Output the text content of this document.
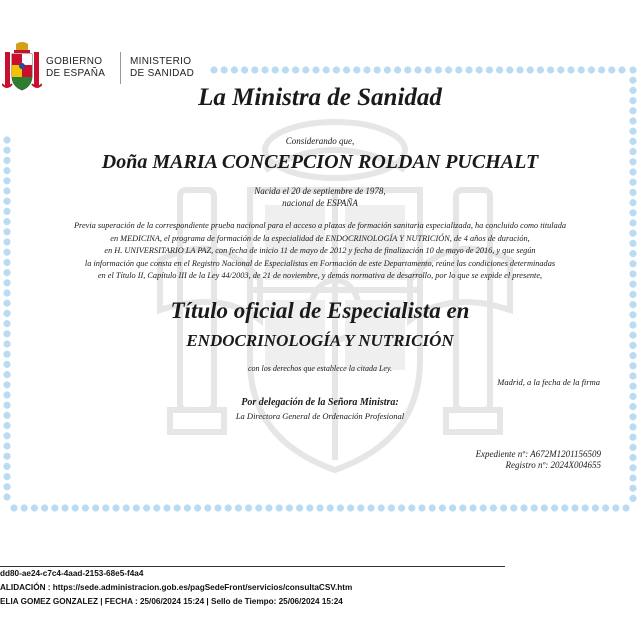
GOBIERNO
DE ESPAÑA
MINISTERIO
DE SANIDAD
La Ministra de Sanidad
Considerando que,
Doña MARIA CONCEPCION ROLDAN PUCHALT
Nacida el 20 de septiembre de 1978,
nacional de ESPAÑA
Previa superación de la correspondiente prueba nacional para el acceso a plazas de formación sanitaria especializada, ha concluido como titulada
en MEDICINA, el programa de formación de la especialidad de ENDOCRINOLOGÍA Y NUTRICIÓN, de 4 años de duración,
en H. UNIVERSITARIO LA PAZ, con fecha de inicio 11 de mayo de 2012 y fecha de finalización 10 de mayo de 2016, y que según
la información que consta en el Registro Nacional de Especialistas en Formación de este Departamento, reúne las condiciones determinadas
en el Título II, Capítulo III de la Ley 44/2003, de 21 de noviembre, y demás normativa de desarrollo, por lo que se expide el presente,
Título oficial de Especialista en
ENDOCRINOLOGÍA Y NUTRICIÓN
con los derechos que establece la citada Ley.
Madrid, a la fecha de la firma
Por delegación de la Señora Ministra:
La Directora General de Ordenación Profesional
Expediente nº: A672M1201156509
Registro nº: 2024X004655
dd80-ae24-c7c4-4aad-2153-68e5-f4a4
ALIDACIÓN : https://sede.administracion.gob.es/pagSedeFront/servicios/consultaCSV.htm
ELIA GOMEZ GONZALEZ | FECHA : 25/06/2024 15:24 | Sello de Tiempo: 25/06/2024 15:24
